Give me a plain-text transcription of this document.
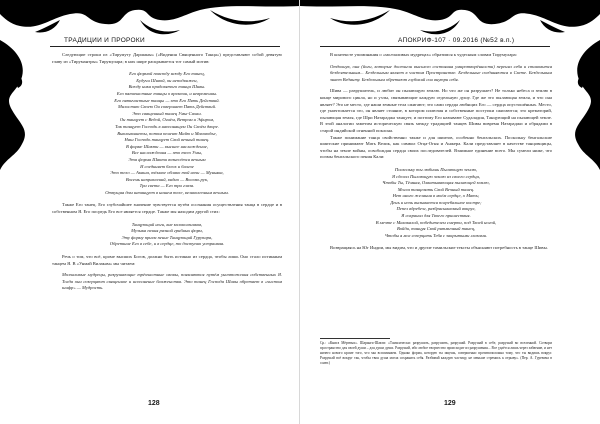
ТРАДИЦИИ И ПРОРОКИ

Следующие строки из «Тирумуту Даршаны» («Видения Священного Танца») представляют собой девятую главу из «Тирумантры» Тирумулара; в них шире раскрывается тот самый мотив:

Его формой повсюду всюду Его танец,
Будучи Шивой, он неподвижен,
Всюду ника прадсвятого танца Шивы.
Его пятичастные танцы о времени, и невременны.
Его пятичастные танцы — это Его Пять Действий.
Милостию Своею Он совершает Пять Действий.
Это священный танец Умы-Сахаи.
Он танцует с Ведой, Огнём, Ветром и Эфиром,
Так танцует Господь в наполнящем Он Своём дворе.
Выплывшиеты, потом пенеит Майю и Маховодье,
Наш Господь танцует Свой вечный танец.
В форме Шакти — высшее наслаждение,
Все наслаждения — это тело Умы,
Эта форма Шакти вознесётся вечным
И соединяет блеск и благое
Это тело — Акаша, тёмное облако той ночи — Муньяка,
Восемь направлений, видно — Восемь рук,
Три света — Его три глаза.
Отпущая дом штанцует в нашем теле, великолепным вечным.

Также Его танец. Его глубочайшее значение чувствуется путём осознания осуществления танца в сердце и в собственном Я. Его посредь Его все является сердце. Также мы находим другой стих:

Танцующий ноги, вне колокольчиков,
Музыка пения разной грибных форм,
Эту форму прием пение Танцующий Гурупара,
Обретшие Его в себе, и в сердце, то доступно устраивая.

Речь о том, что всё, кроме высших Богов, должно быть истинно из сердца, чтобы лишь Оно стало истинным танцем Я. В «Унмай Вилакам» мы читаем:

Молчаливые мудрецы, разрушающие трёхчастные оковы, появляются путём уничтожения собственных Я. Тогда они созерцают священное и исполнение блаженства. Это танец Господа Шивы обретает в «чистом шифр» — Мудрость.
128
АПОКРИФ-107 · 09.2016 (№52 в.п.)

В контексте упоминания о «молчаливых мудрецах» обратимся к чудесным словам Тирумулара:

Отдохнув, она (йоги, которые достигли высшего состояния умиротворённости) перенял себя и становится бездеятельным... Бездельным являет в чистом Пространстве. Бездельные соединяются в Свете. Бездельным знает Веданту. Бездельным обретают глубокий сон внутри себя.

Шива — разрушитель, и любит он пылающую землю. Но что же он разрушает? Не только небеса и землю в конце мирового цикла, но и узлы, связывающие каждую отдельную душу. Где же это пылающая земля, и что она являет? Это не место, где наши земные тела сжигают; это сами сердца любящих Его — сердца опустошённых. Место, где уничтожается эго, он являет стояние, в котором иллюзия и собственные поступки сжигаются; это крематорий, пылающая земля, где Шри Натараджа танцует, и поэтому Его называют Судаладия, Танцующий на пылающей земле. В этой аналогии заметим историческую связь между традицией танцев Шивы вовремя Натараджи и обрядами в старой индийской огненной поклона.

Также понимание танца свойственно также и для шиитов, особенно бенгальских. Поскольку бенгальские шиитские принимают Мать Велик, как символ Отца-Огня и Анжера. Кали представляет в качестве танцовщицы, чтобы на земле войны, освобождая сердца своих последователей. Взаимное единение всего. Мы сумели ниже, что поэмы бенгальского пения Кали:

Поскольку ты любишь Пылающую землю,
Я сделал Пылающую землю из своего сердца,
Чтобы Ты, Тёмная, Охватывающая пылающей землю,
Могла танцевать Свой Вечный танец.
Нет иного желания в моём сердце, о Мать;
День и ночь вызывается погребальное костре;
Пепел вдребезг, разбрасываемый вокруг,
Я сохранил для Твоего пришествия.
В мечте с Махакалой, победителем смерти, под Твоей ногой,
Войди, танцуя Свой ритмичный танец,
Чтобы я мог созерцать Тебя с закрытыми глазами.

Возвращаясь на Юг Индии, мы видим, что и другие тамильские тексты объясняют потребность в танце Шивы.

Ср.: «Книга Мёртвых». Шаранга-Шакти: «Тамасически: разрушать, разрушить, разрушай. Разрушай в себе, разрушай во вселенной. Сотвори пространство для своей души – для души души. Разрушай, ибо любое творчество происходит из разрушения... Все удаётся лишь через забвение, и нет ничего нового кроме того, что мы вспоминаем. Однако форма, которую ты ищешь, совершенно противоположна тому, что ты видишь вокруг. Разрушай всё вокруг так, чтобы твоя душа могла сохранить себя. Разбивай каждую частицу, не меньше стремись к отрыву». (Пер. А. Гуревича в соавт.)
129
